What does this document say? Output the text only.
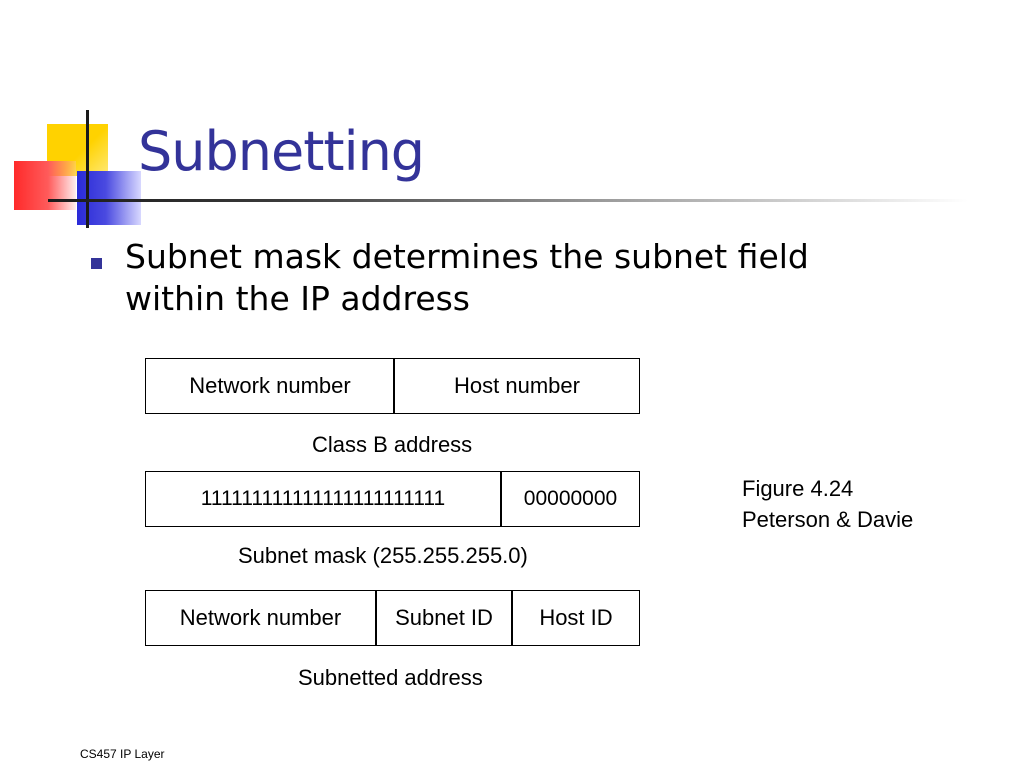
Subnetting
Subnet mask determines the subnet field within the IP address
Network number	Host number
Class B address
111111111111111111111111	00000000
Subnet mask (255.255.255.0)
Network number	Subnet ID	Host ID
Subnetted address
Figure 4.24
Peterson & Davie
CS457 IP Layer
